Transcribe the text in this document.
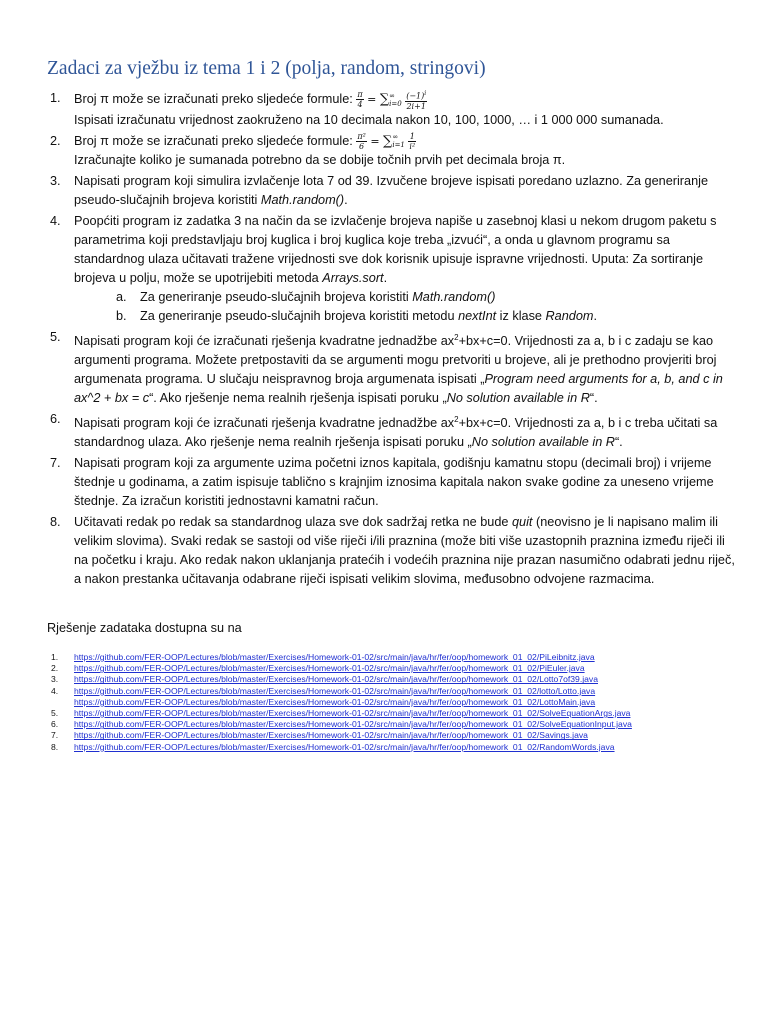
Zadaci za vježbu iz tema 1 i 2 (polja, random, stringovi)
1. Broj π može se izračunati preko sljedeće formule: $\frac{\pi}{4}$ = ∑ ∞
i=0
$\frac{(-1)^i}{2i+1}$

Ispisati izračunatu vrijednost zaokruženo na 10 decimala nakon 10, 100, 1000, … i 1 000 000 sumanada.
2. Broj π može se izračunati preko sljedeće formule: $\frac{\text{π²}}{6}$ = ∑ ∞
i=1
$\frac{1}{\text{i²}}$

Izračunajte koliko je sumanada potrebno da se dobije točnih prvih pet decimala broja π.
3. Napisati program koji simulira izvlačenje lota 7 od 39. Izvučene brojeve ispisati poredano uzlazno. Za generiranje pseudo-slučajnih brojeva koristiti Math.random().
4. Poopćiti program iz zadatka 3 na način da se izvlačenje brojeva napiše u zasebnoj klasi u nekom drugom paketu s parametrima koji predstavljaju broj kuglica i broj kuglica koje treba „izvući“, a onda u glavnom programu sa standardnog ulaza učitavati tražene vrijednosti sve dok korisnik upisuje ispravne vrijednosti. Uputa: Za sortiranje brojeva u polju, može se upotrijebiti metoda Arrays.sort.
a. Za generiranje pseudo-slučajnih brojeva koristiti Math.random()
b. Za generiranje pseudo-slučajnih brojeva koristiti metodu nextInt iz klase Random.
5. Napisati program koji će izračunati rješenja kvadratne jednadžbe $ax^2+bx+c=0$. Vrijednosti za a, b i c zadaju se kao argumenti programa. Možete pretpostaviti da se argumenti mogu pretvoriti u brojeve, ali je prethodno provjeriti broj argumenata programa. U slučaju neispravnog broja argumenata ispisati „Program need arguments for a, b, and c in ax^2 + bx = c“. Ako rješenje nema realnih rješenja ispisati poruku „No solution available in R“.
6. Napisati program koji će izračunati rješenja kvadratne jednadžbe $ax^2+bx+c=0$. Vrijednosti za a, b i c treba učitati sa standardnog ulaza. Ako rješenje nema realnih rješenja ispisati poruku „No solution available in R“.
7. Napisati program koji za argumente uzima početni iznos kapitala, godišnju kamatnu stopu (decimali broj) i vrijeme štednje u godinama, a zatim ispisuje tablično s krajnjim iznosima kapitala nakon svake godine za uneseno vrijeme štednje. Za izračun koristiti jednostavni kamatni račun.
8. Učitavati redak po redak sa standardnog ulaza sve dok sadržaj retka ne bude quit (neovisno je li napisano malim ili velikim slovima). Svaki redak se sastoji od više riječi i/ili praznina (može biti više uzastopnih praznina između riječi ili na početku i kraju. Ako redak nakon uklanjanja pratećih i vodećih praznina nije prazan nasumično odabrati jednu riječ, a nakon prestanka učitavanja odabrane riječi ispisati velikim slovima, međusobno odvojene razmacima.
Rješenje zadataka dostupna su na
1. https://github.com/FER-OOP/Lectures/blob/master/Exercises/Homework-01-02/src/main/java/hr/fer/oop/homework_01_02/PiLeibnitz.java
2. https://github.com/FER-OOP/Lectures/blob/master/Exercises/Homework-01-02/src/main/java/hr/fer/oop/homework_01_02/PiEuler.java
3. https://github.com/FER-OOP/Lectures/blob/master/Exercises/Homework-01-02/src/main/java/hr/fer/oop/homework_01_02/Lotto7of39.java
4. https://github.com/FER-OOP/Lectures/blob/master/Exercises/Homework-01-02/src/main/java/hr/fer/oop/homework_01_02/lotto/Lotto.java
https://github.com/FER-OOP/Lectures/blob/master/Exercises/Homework-01-02/src/main/java/hr/fer/oop/homework_01_02/LottoMain.java
5. https://github.com/FER-OOP/Lectures/blob/master/Exercises/Homework-01-02/src/main/java/hr/fer/oop/homework_01_02/SolveEquationArgs.java
6. https://github.com/FER-OOP/Lectures/blob/master/Exercises/Homework-01-02/src/main/java/hr/fer/oop/homework_01_02/SolveEquationInput.java
7. https://github.com/FER-OOP/Lectures/blob/master/Exercises/Homework-01-02/src/main/java/hr/fer/oop/homework_01_02/Savings.java
8. https://github.com/FER-OOP/Lectures/blob/master/Exercises/Homework-01-02/src/main/java/hr/fer/oop/homework_01_02/RandomWords.java
